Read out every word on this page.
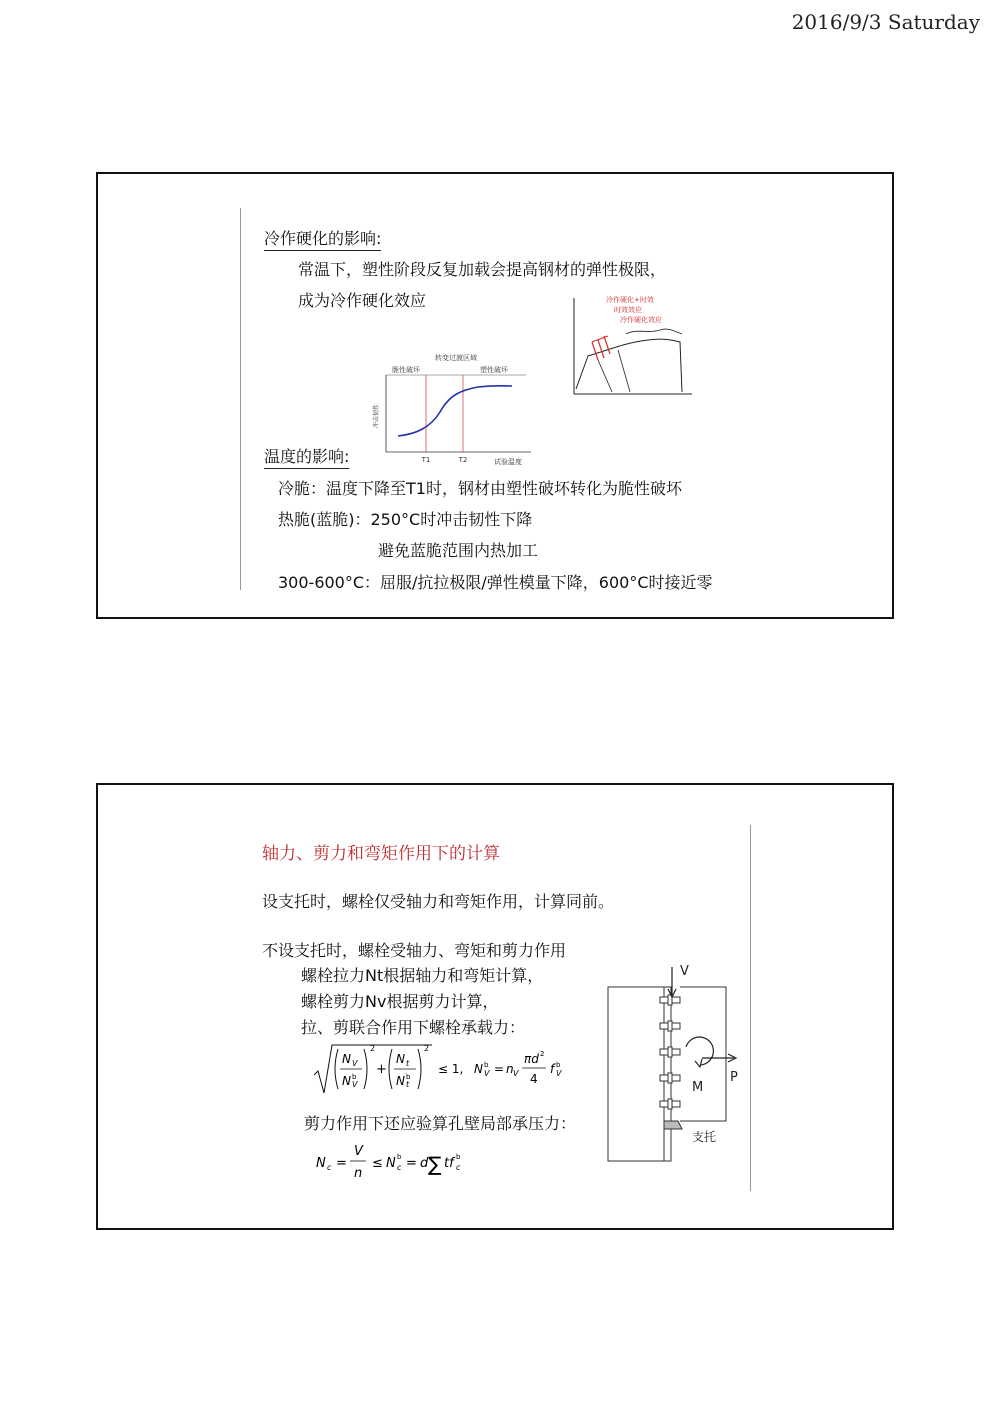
2016/9/3 Saturday
冷作硬化的影响:
常温下，塑性阶段反复加载会提高钢材的弹性极限，
成为冷作硬化效应
转变过渡区域
脆性破坏	塑性破坏
冲击韧性
T1	T2	试验温度
冷作硬化+时效
时效效应
冷作硬化效应
温度的影响:
冷脆：温度下降至T1时，钢材由塑性破坏转化为脆性破坏
热脆(蓝脆)：250°C时冲击韧性下降
避免蓝脆范围内热加工
300-600°C：屈服/抗拉极限/弹性模量下降，600°C时接近零
轴力、剪力和弯矩作用下的计算
设支托时，螺栓仅受轴力和弯矩作用，计算同前。
不设支托时，螺栓受轴力、弯矩和剪力作用
螺栓拉力Nt根据轴力和弯矩计算，
螺栓剪力Nv根据剪力计算，
拉、剪联合作用下螺栓承载力：
N V
N V
b
2
+
N t
N t
b
2
≤ 1, N V
b = n V
πd 2
4
f V
b
剪力作用下还应验算孔壁局部承压力：
N c =
V
n
≤ N c
b = d ∑ tf c
b
V
P
M
支托
